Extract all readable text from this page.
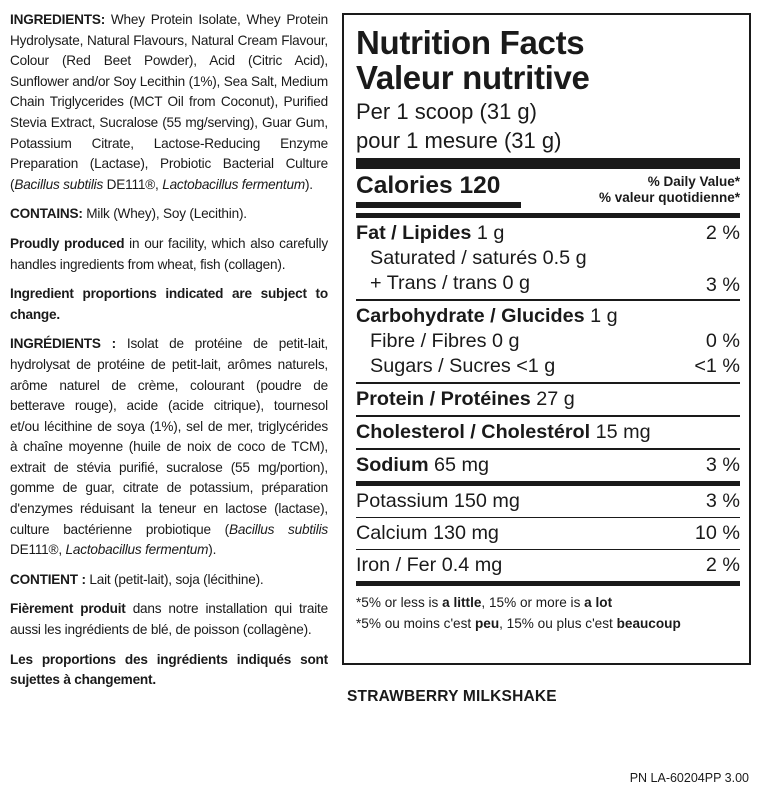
INGREDIENTS: Whey Protein Isolate, Whey Protein Hydrolysate, Natural Flavours, Natural Cream Flavour, Colour (Red Beet Powder), Acid (Citric Acid), Sunflower and/or Soy Lecithin (1%), Sea Salt, Medium Chain Triglycerides (MCT Oil from Coconut), Purified Stevia Extract, Sucralose (55 mg/serving), Guar Gum, Potassium Citrate, Lactose-Reducing Enzyme Preparation (Lactase), Probiotic Bacterial Culture (Bacillus subtilis DE111®, Lactobacillus fermentum).

CONTAINS: Milk (Whey), Soy (Lecithin).

Proudly produced in our facility, which also carefully handles ingredients from wheat, fish (collagen).

Ingredient proportions indicated are subject to change.

INGRÉDIENTS : Isolat de protéine de petit-lait, hydrolysat de protéine de petit-lait, arômes naturels, arôme naturel de crème, colourant (poudre de betterave rouge), acide (acide citrique), tournesol et/ou lécithine de soya (1%), sel de mer, triglycérides à chaîne moyenne (huile de noix de coco de TCM), extrait de stévia purifié, sucralose (55 mg/portion), gomme de guar, citrate de potassium, préparation d'enzymes réduisant la teneur en lactose (lactase), culture bactérienne probiotique (Bacillus subtilis DE111®, Lactobacillus fermentum).

CONTIENT : Lait (petit-lait), soja (lécithine).

Fièrement produit dans notre installation qui traite aussi les ingrédients de blé, de poisson (collagène).

Les proportions des ingrédients indiqués sont sujettes à changement.

Nutrition Facts
Valeur nutritive
Per 1 scoop (31 g)
pour 1 mesure (31 g)
Calories 120	% Daily Value*
% valeur quotidienne*
Fat / Lipides 1 g	2 %
Saturated / saturés 0.5 g
+ Trans / trans 0 g	3 %
Carbohydrate / Glucides 1 g
Fibre / Fibres 0 g	0 %
Sugars / Sucres <1 g	<1 %
Protein / Protéines 27 g
Cholesterol / Cholestérol 15 mg
Sodium 65 mg	3 %
Potassium 150 mg	3 %
Calcium 130 mg	10 %
Iron / Fer 0.4 mg	2 %
*5% or less is a little, 15% or more is a lot
*5% ou moins c'est peu, 15% ou plus c'est beaucoup
STRAWBERRY MILKSHAKE
PN LA-60204PP 3.00
